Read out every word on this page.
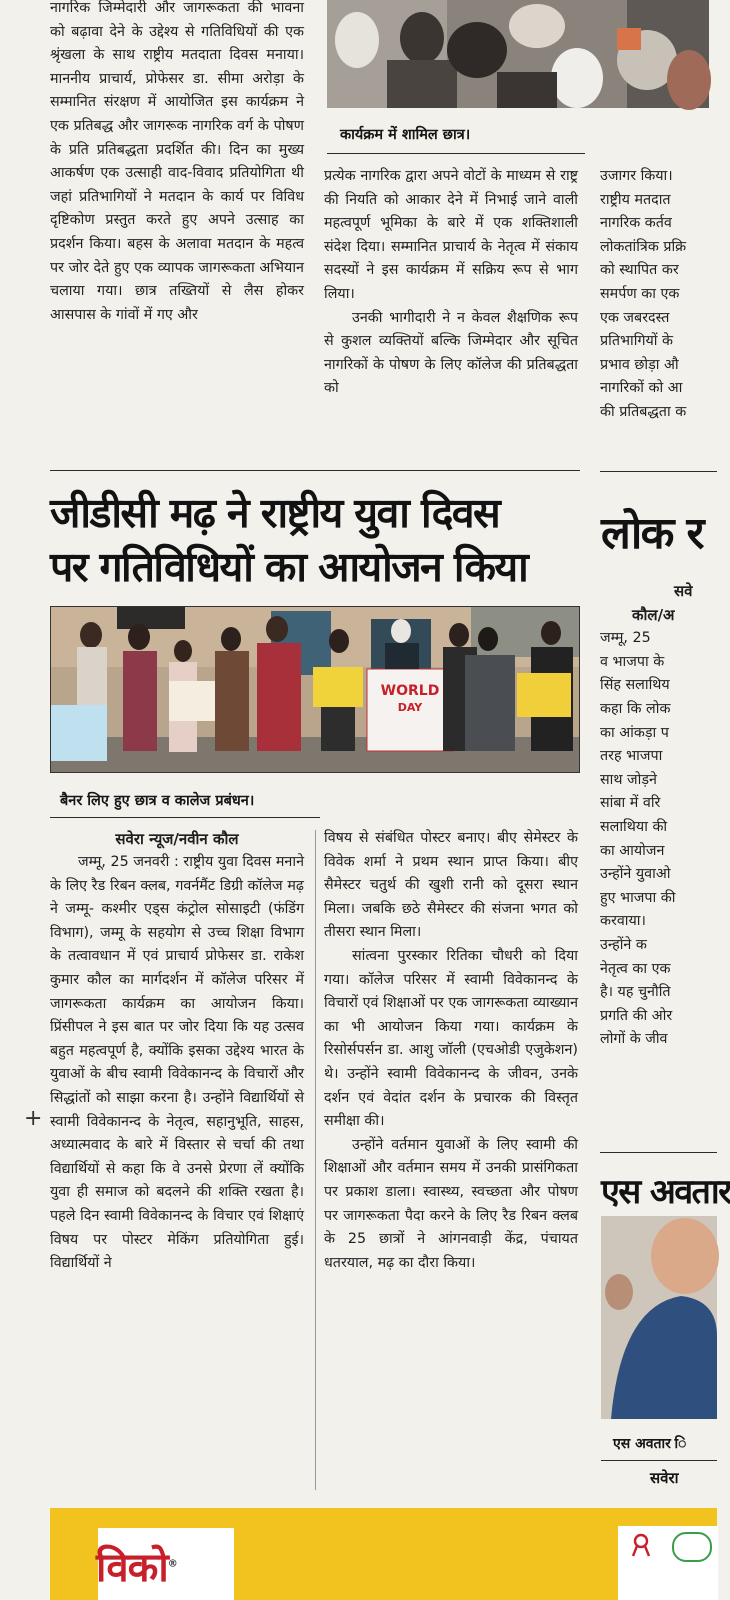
नागरिक जिम्मेदारी और जागरूकता की भावना को बढ़ावा देने के उद्देश्य से गतिविधियों की एक श्रृंखला के साथ राष्ट्रीय मतदाता दिवस मनाया। माननीय प्राचार्य, प्रोफेसर डा. सीमा अरोड़ा के सम्मानित संरक्षण में आयोजित इस कार्यक्रम ने एक प्रतिबद्ध और जागरूक नागरिक वर्ग के पोषण के प्रति प्रतिबद्धता प्रदर्शित की। दिन का मुख्य आकर्षण एक उत्साही वाद-विवाद प्रतियोगिता थी जहां प्रतिभागियों ने मतदान के कार्य पर विविध दृष्टिकोण प्रस्तुत करते हुए अपने उत्साह का प्रदर्शन किया। बहस के अलावा मतदान के महत्व पर जोर देते हुए एक व्यापक जागरूकता अभियान चलाया गया। छात्र तख्तियों से लैस होकर आसपास के गांवों में गए और
कार्यक्रम में शामिल छात्र।
प्रत्येक नागरिक द्वारा अपने वोटों के माध्यम से राष्ट्र की नियति को आकार देने में निभाई जाने वाली महत्वपूर्ण भूमिका के बारे में एक शक्तिशाली संदेश दिया। सम्मानित प्राचार्य के नेतृत्व में संकाय सदस्यों ने इस कार्यक्रम में सक्रिय रूप से भाग लिया।
उनकी भागीदारी ने न केवल शैक्षणिक रूप से कुशल व्यक्तियों बल्कि जिम्मेदार और सूचित नागरिकों के पोषण के लिए कॉलेज की प्रतिबद्धता को
उजागर किया।
राष्ट्रीय मतदात
नागरिक कर्तव
लोकतांत्रिक प्रक्रि
को स्थापित कर
समर्पण का एक
एक जबरदस्त
प्रतिभागियों के
प्रभाव छोड़ा औ
नागरिकों को आ
की प्रतिबद्धता क
जीडीसी मढ़ ने राष्ट्रीय युवा दिवस
पर गतिविधियों का आयोजन किया
WORLD
DAY
बैनर लिए हुए छात्र व कालेज प्रबंधन।
सवेरा न्यूज/नवीन कौल
जम्मू, 25 जनवरी : राष्ट्रीय युवा दिवस मनाने के लिए रैड रिबन क्लब, गवर्नमैंट डिग्री कॉलेज मढ़ ने जम्मू- कश्मीर एड्स कंट्रोल सोसाइटी (फंडिंग विभाग), जम्मू के सहयोग से उच्च शिक्षा विभाग के तत्वावधान में एवं प्राचार्य प्रोफेसर डा. राकेश कुमार कौल का मार्गदर्शन में कॉलेज परिसर में जागरूकता कार्यक्रम का आयोजन किया। प्रिंसीपल ने इस बात पर जोर दिया कि यह उत्सव बहुत महत्वपूर्ण है, क्योंकि इसका उद्देश्य भारत के युवाओं के बीच स्वामी विवेकानन्द के विचारों और सिद्धांतों को साझा करना है। उन्होंने विद्यार्थियों से स्वामी विवेकानन्द के नेतृत्व, सहानुभूति, साहस, अध्यात्मवाद के बारे में विस्तार से चर्चा की तथा विद्यार्थियों से कहा कि वे उनसे प्रेरणा लें क्योंकि युवा ही समाज को बदलने की शक्ति रखता है। पहले दिन स्वामी विवेकानन्द के विचार एवं शिक्षाएं विषय पर पोस्टर मेकिंग प्रतियोगिता हुई। विद्यार्थियों ने
+
विषय से संबंधित पोस्टर बनाए। बीए सेमेस्टर के विवेक शर्मा ने प्रथम स्थान प्राप्त किया। बीए सैमेस्टर चतुर्थ की खुशी रानी को दूसरा स्थान मिला। जबकि छठे सैमेस्टर की संजना भगत को तीसरा स्थान मिला।
सांत्वना पुरस्कार रितिका चौधरी को दिया गया। कॉलेज परिसर में स्वामी विवेकानन्द के विचारों एवं शिक्षाओं पर एक जागरूकता व्याख्यान का भी आयोजन किया गया। कार्यक्रम के रिसोर्सपर्सन डा. आशु जॉली (एचओडी एजुकेशन) थे। उन्होंने स्वामी विवेकानन्द के जीवन, उनके दर्शन एवं वेदांत दर्शन के प्रचारक की विस्तृत समीक्षा की।
उन्होंने वर्तमान युवाओं के लिए स्वामी की शिक्षाओं और वर्तमान समय में उनकी प्रासंगिकता पर प्रकाश डाला। स्वास्थ्य, स्वच्छता और पोषण पर जागरूकता पैदा करने के लिए रैड रिबन क्लब के 25 छात्रों ने आंगनवाड़ी केंद्र, पंचायत धतरयाल, मढ़ का दौरा किया।
लोक र
सवे
कौल/अ
जम्मू, 25
व भाजपा के
सिंह सलाथिय
कहा कि लोक
का आंकड़ा प
तरह भाजपा
साथ जोड़ने
सांबा में वरि
सलाथिया की
का आयोजन
उन्होंने युवाओ
हुए भाजपा की
करवाया।
उन्होंने क
नेतृत्व का एक
है। यह चुनौति
प्रगति की ओर
लोगों के जीव
एस अवतार
एस अवतार ि
सवेरा
विको®
